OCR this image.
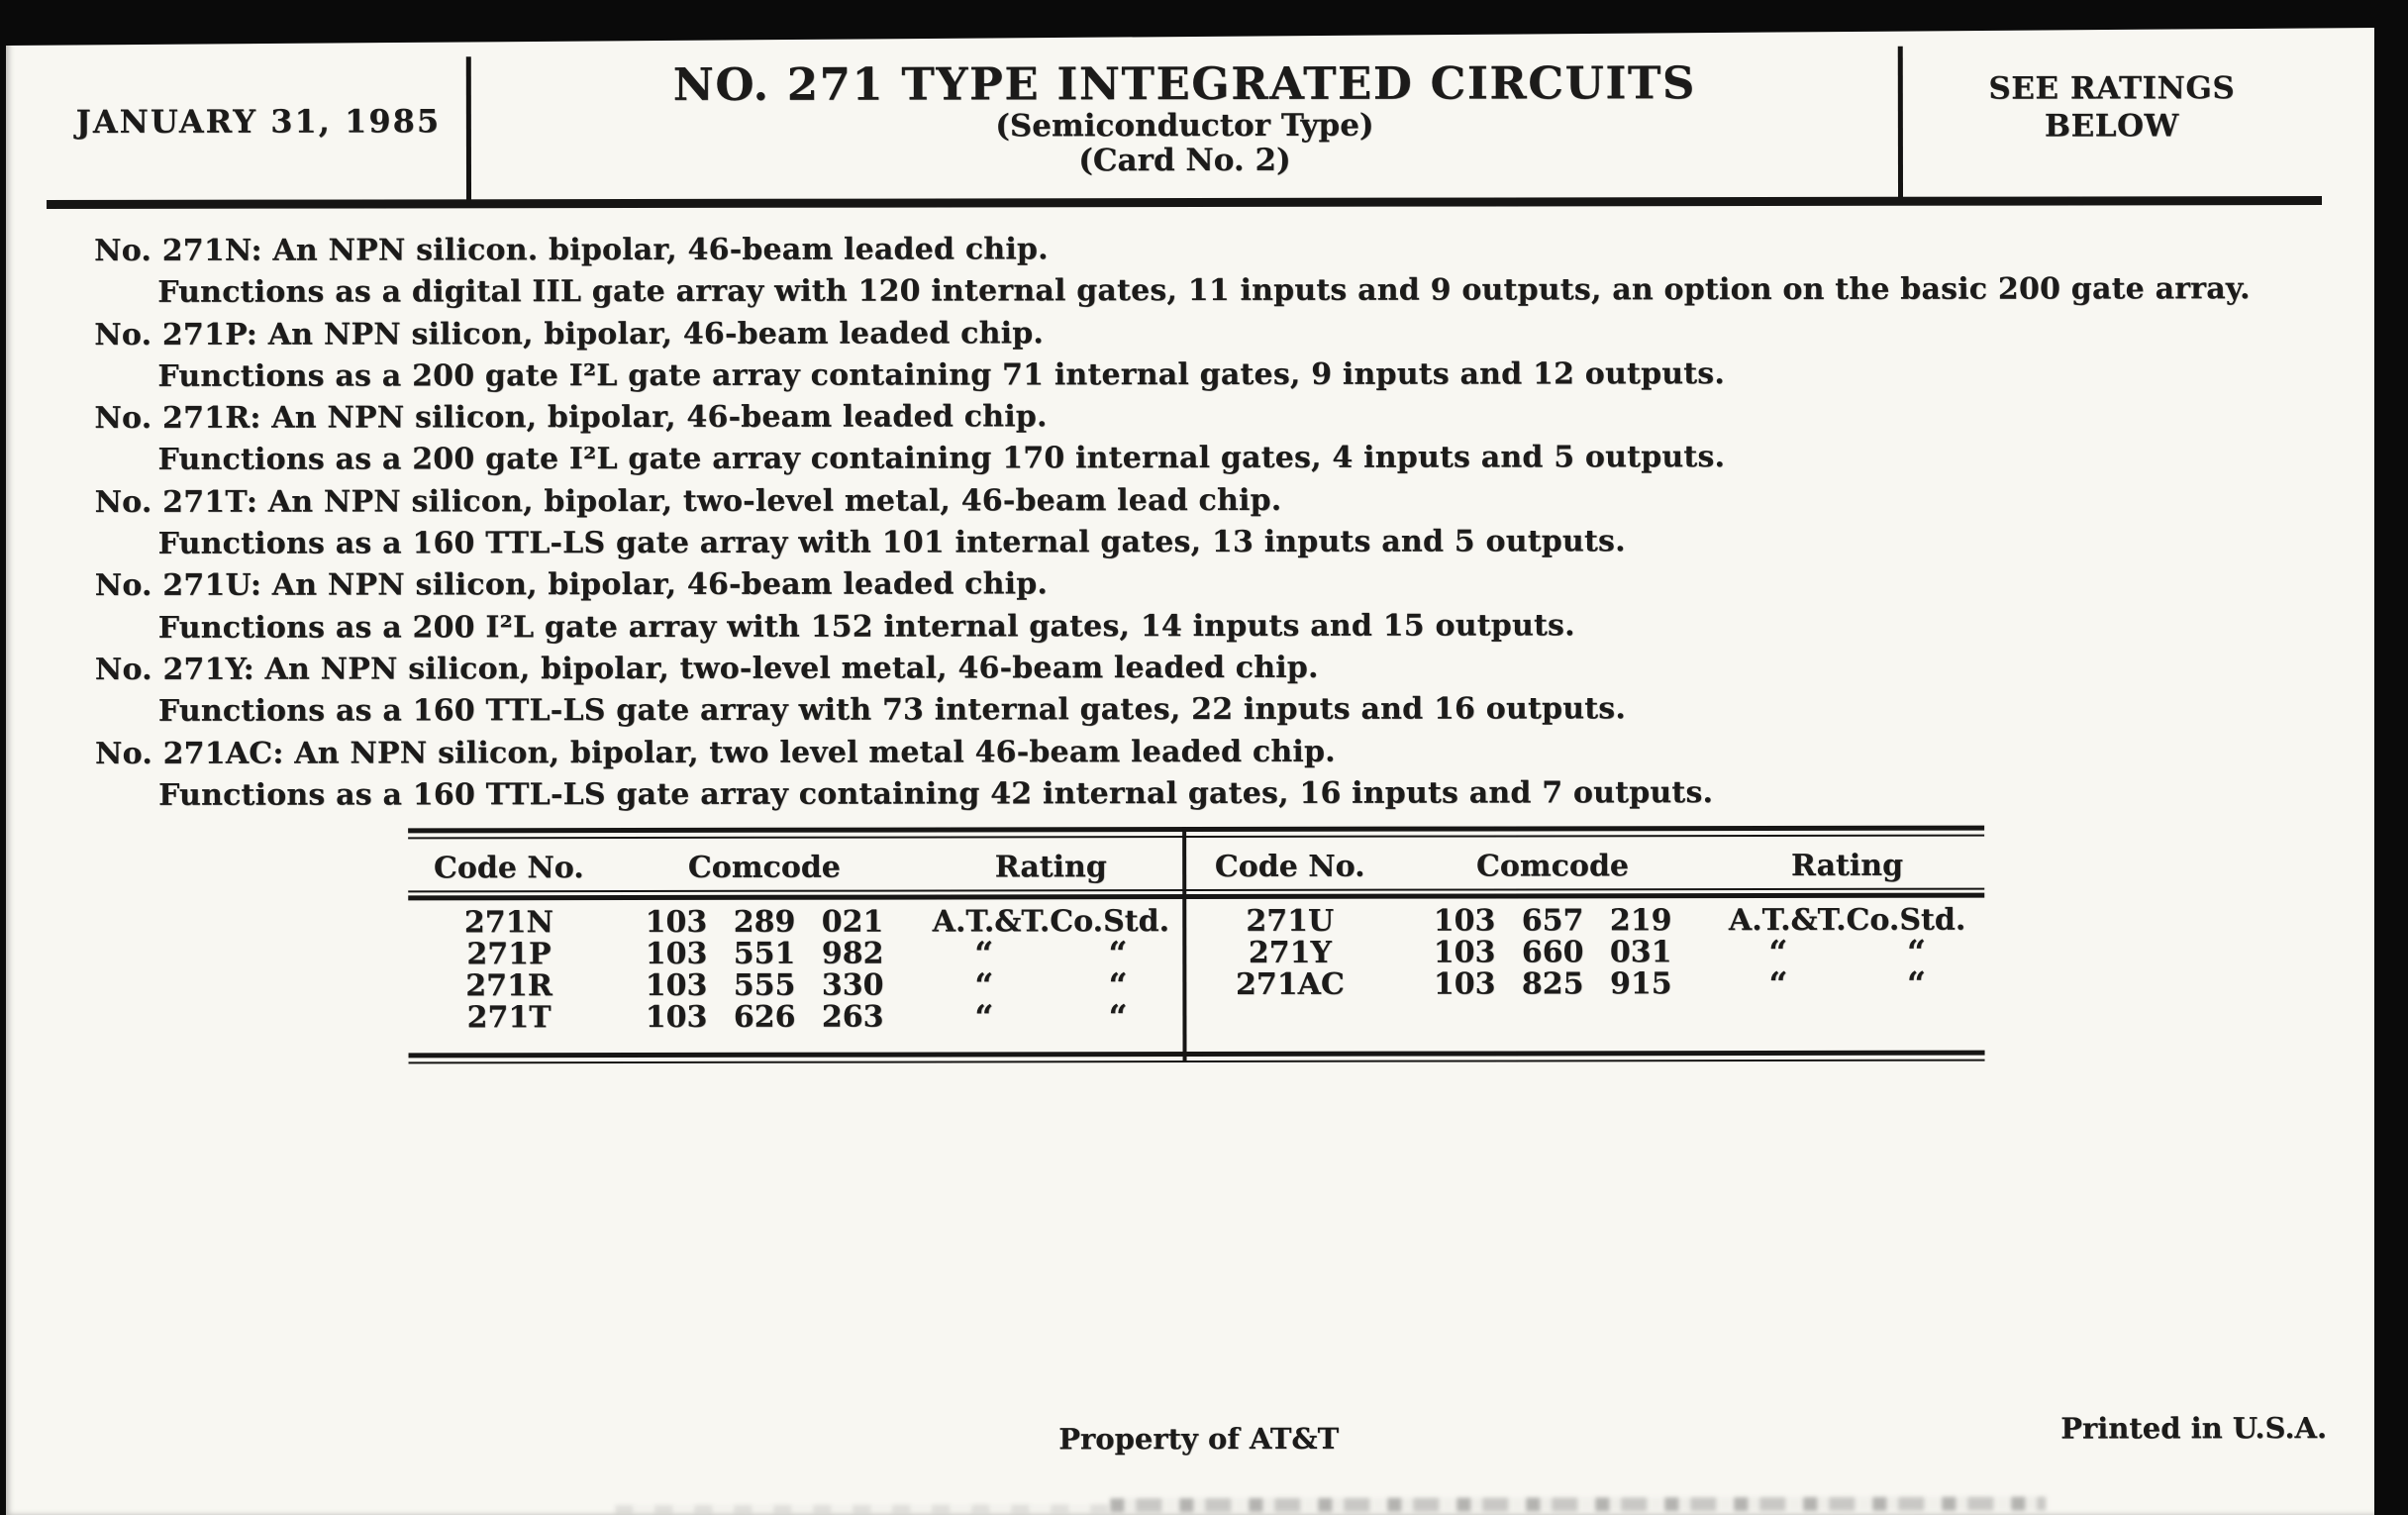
JANUARY 31, 1985
NO. 271 TYPE INTEGRATED CIRCUITS
(Semiconductor Type)
(Card No. 2)
SEE RATINGS
BELOW
No. 271N: An NPN silicon. bipolar, 46-beam leaded chip.
Functions as a digital IIL gate array with 120 internal gates, 11 inputs and 9 outputs, an option on the basic 200 gate array.
No. 271P: An NPN silicon, bipolar, 46-beam leaded chip.
Functions as a 200 gate I²L gate array containing 71 internal gates, 9 inputs and 12 outputs.
No. 271R: An NPN silicon, bipolar, 46-beam leaded chip.
Functions as a 200 gate I²L gate array containing 170 internal gates, 4 inputs and 5 outputs.
No. 271T: An NPN silicon, bipolar, two-level metal, 46-beam lead chip.
Functions as a 160 TTL-LS gate array with 101 internal gates, 13 inputs and 5 outputs.
No. 271U: An NPN silicon, bipolar, 46-beam leaded chip.
Functions as a 200 I²L gate array with 152 internal gates, 14 inputs and 15 outputs.
No. 271Y: An NPN silicon, bipolar, two-level metal, 46-beam leaded chip.
Functions as a 160 TTL-LS gate array with 73 internal gates, 22 inputs and 16 outputs.
No. 271AC: An NPN silicon, bipolar, two level metal 46-beam leaded chip.
Functions as a 160 TTL-LS gate array containing 42 internal gates, 16 inputs and 7 outputs.
Code No.	Comcode	Rating
271N	103 289 021	A.T.&T.Co.Std.
271P	103 551 982	“	“
271R	103 555 330	“	“
271T	103 626 263	“	“
Code No.	Comcode	Rating
271U	103 657 219	A.T.&T.Co.Std.
271Y	103 660 031	“	“
271AC	103 825 915	“	“
Property of AT&T	Printed in U.S.A.
